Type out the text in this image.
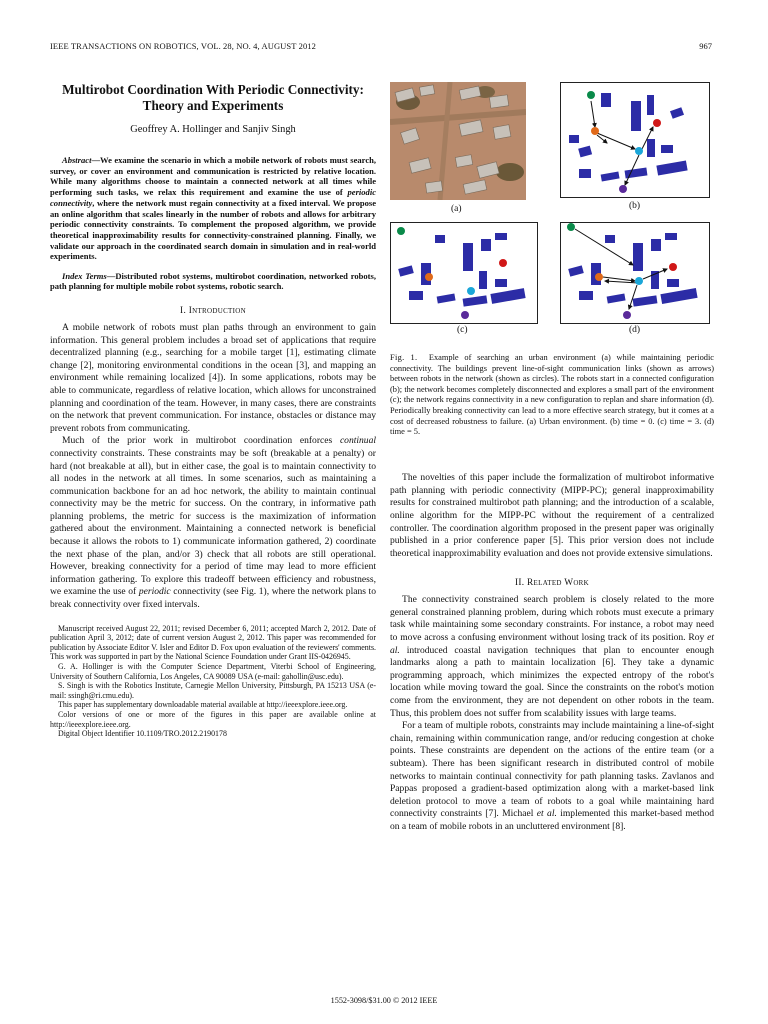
IEEE TRANSACTIONS ON ROBOTICS, VOL. 28, NO. 4, AUGUST 2012	967
Multirobot Coordination With Periodic Connectivity:
Theory and Experiments
Geoffrey A. Hollinger and Sanjiv Singh

Abstract—We examine the scenario in which a mobile network of robots must search, survey, or cover an environment and communication is restricted by relative location. While many algorithms choose to maintain a connected network at all times while performing such tasks, we relax this requirement and examine the use of periodic connectivity, where the network must regain connectivity at a fixed interval. We propose an online algorithm that scales linearly in the number of robots and allows for arbitrary periodic connectivity constraints. To complement the proposed algorithm, we provide theoretical inapproximability results for connectivity-constrained planning. Finally, we validate our approach in the coordinated search domain in simulation and in real-world experiments.

Index Terms—Distributed robot systems, multirobot coordination, networked robots, path planning for multiple mobile robot systems, robotic search.

I. Introduction

A mobile network of robots must plan paths through an environment to gain information. This general problem includes a broad set of applications that require decentralized planning (e.g., searching for a mobile target [1], estimating climate change [2], monitoring environmental conditions in the ocean [3], and mapping an environment while remaining localized [4]). In some applications, robots may be able to communicate, regardless of relative location, which allows for unconstrained planning and coordination of the team. However, in many cases, there are constraints on the network that prevent communication. For instance, obstacles or distance may prevent robots from communicating.

Much of the prior work in multirobot coordination enforces continual connectivity constraints. These constraints may be soft (breakable at a penalty) or hard (not breakable at all), but in either case, the goal is to maintain connectivity to all nodes in the network at all times. In some scenarios, such as maintaining a communication backbone for an ad hoc network, the ability to maintain continual connectivity may be the metric for success. On the contrary, in informative path planning problems, the metric for success is the maximization of information gathered about the environment. Maintaining a connected network is beneficial because it allows the robots to 1) communicate information gathered, 2) coordinate the next phase of the plan, and/or 3) check that all robots are still operational. However, breaking connectivity for a period of time may lead to more efficient information gathering. To explore this tradeoff between efficiency and robustness, we examine the use of periodic connectivity (see Fig. 1), where the network plans to break connectivity over fixed intervals.

Manuscript received August 22, 2011; revised December 6, 2011; accepted March 2, 2012. Date of publication April 3, 2012; date of current version August 2, 2012. This paper was recommended for publication by Associate Editor V. Isler and Editor D. Fox upon evaluation of the reviewers' comments. This work was supported in part by the National Science Foundation under Grant IIS-0426945.

G. A. Hollinger is with the Computer Science Department, Viterbi School of Engineering, University of Southern California, Los Angeles, CA 90089 USA (e-mail: gahollin@usc.edu).

S. Singh is with the Robotics Institute, Carnegie Mellon University, Pittsburgh, PA 15213 USA (e-mail: ssingh@ri.cmu.edu).

This paper has supplementary downloadable material available at http://ieeexplore.ieee.org.

Color versions of one or more of the figures in this paper are available online at http://ieeexplore.ieee.org.

Digital Object Identifier 10.1109/TRO.2012.2190178

(a)	(b)
(c)	(d)

Fig. 1. Example of searching an urban environment (a) while maintaining periodic connectivity. The buildings prevent line-of-sight communication links (shown as arrows) between robots in the network (shown as circles). The robots start in a connected configuration (b); the network becomes completely disconnected and explores a small part of the environment (c); the network regains connectivity in a new configuration to replan and share information (d). Periodically breaking connectivity can lead to a more effective search strategy, but it comes at a cost of decreased robustness to failure. (a) Urban environment. (b) time = 0. (c) time = 3. (d) time = 5.

The novelties of this paper include the formalization of multirobot informative path planning with periodic connectivity (MIPP-PC); general inapproximability results for constrained multirobot path planning; and the introduction of a scalable, online algorithm for the MIPP-PC without the requirement of a centralized controller. The coordination algorithm proposed in the present paper was originally published in a prior conference paper [5]. This prior version does not include theoretical inapproximability evaluation and does not provide extensive simulations.

II. Related Work

The connectivity constrained search problem is closely related to the more general constrained planning problem, during which robots must execute a primary task while maintaining some secondary constraints. For instance, a robot may need to move across a confusing environment without losing track of its position. Roy et al. introduced coastal navigation techniques that plan to encounter enough landmarks along a path to maintain localization [6]. They take a dynamic programming approach, which minimizes the expected entropy of the robot's location while moving toward the goal. Since the constraints on the robot's motion come from the environment, they are not dependent on other robots in the team. Thus, this problem does not suffer from scalability issues with large teams.

For a team of multiple robots, constraints may include maintaining a line-of-sight chain, remaining within communication range, and/or reducing congestion at choke points. These constraints are dependent on the actions of the entire team (or a subteam). There has been significant research in distributed control of mobile networks to maintain continual connectivity for path planning tasks. Zavlanos and Pappas proposed a gradient-based optimization along with a market-based link deletion protocol to move a team of robots to a goal while maintaining hard connectivity constraints [7]. Michael et al. implemented this market-based method on a team of mobile robots in an uncluttered environment [8].

1552-3098/$31.00 © 2012 IEEE
